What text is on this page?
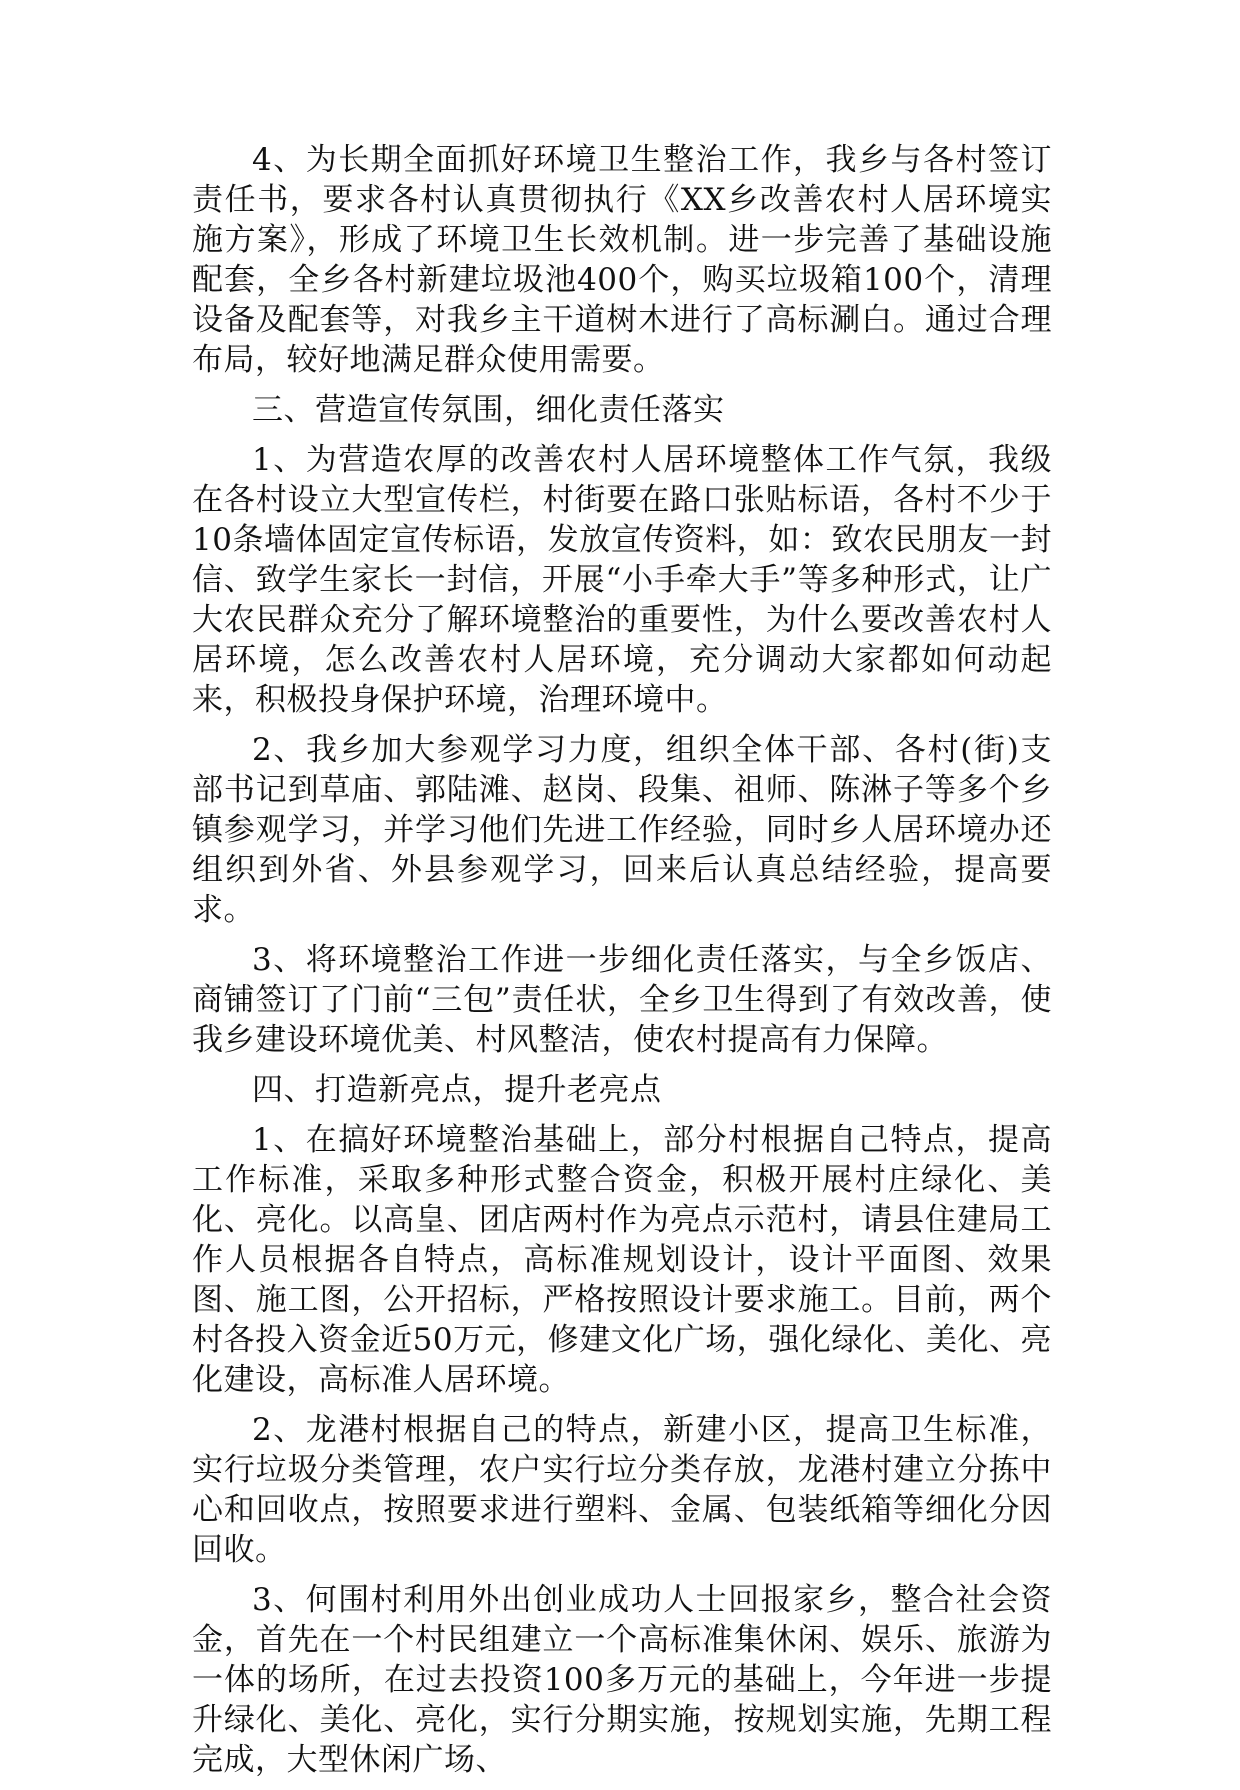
4、为长期全面抓好环境卫生整治工作，我乡与各村签订责任书，要求各村认真贯彻执行《XX乡改善农村人居环境实施方案》，形成了环境卫生长效机制。进一步完善了基础设施配套，全乡各村新建垃圾池400个，购买垃圾箱100个，清理设备及配套等，对我乡主干道树木进行了高标涮白。通过合理布局，较好地满足群众使用需要。

三、营造宣传氛围，细化责任落实

1、为营造农厚的改善农村人居环境整体工作气氛，我级在各村设立大型宣传栏，村街要在路口张贴标语，各村不少于10条墙体固定宣传标语，发放宣传资料，如：致农民朋友一封信、致学生家长一封信，开展“小手牵大手”等多种形式，让广大农民群众充分了解环境整治的重要性，为什么要改善农村人居环境，怎么改善农村人居环境，充分调动大家都如何动起来，积极投身保护环境，治理环境中。

2、我乡加大参观学习力度，组织全体干部、各村(街)支部书记到草庙、郭陆滩、赵岗、段集、祖师、陈淋子等多个乡镇参观学习，并学习他们先进工作经验，同时乡人居环境办还组织到外省、外县参观学习，回来后认真总结经验，提高要求。

3、将环境整治工作进一步细化责任落实，与全乡饭店、商铺签订了门前“三包”责任状，全乡卫生得到了有效改善，使我乡建设环境优美、村风整洁，使农村提高有力保障。

四、打造新亮点，提升老亮点

1、在搞好环境整治基础上，部分村根据自己特点，提高工作标准，采取多种形式整合资金，积极开展村庄绿化、美化、亮化。以高皇、团店两村作为亮点示范村，请县住建局工作人员根据各自特点，高标准规划设计，设计平面图、效果图、施工图，公开招标，严格按照设计要求施工。目前，两个村各投入资金近50万元，修建文化广场，强化绿化、美化、亮化建设，高标准人居环境。

2、龙港村根据自己的特点，新建小区，提高卫生标准，实行垃圾分类管理，农户实行垃分类存放，龙港村建立分拣中心和回收点，按照要求进行塑料、金属、包装纸箱等细化分因回收。

3、何围村利用外出创业成功人士回报家乡，整合社会资金，首先在一个村民组建立一个高标准集休闲、娱乐、旅游为一体的场所，在过去投资100多万元的基础上，今年进一步提升绿化、美化、亮化，实行分期实施，按规划实施，先期工程完成，大型休闲广场、
